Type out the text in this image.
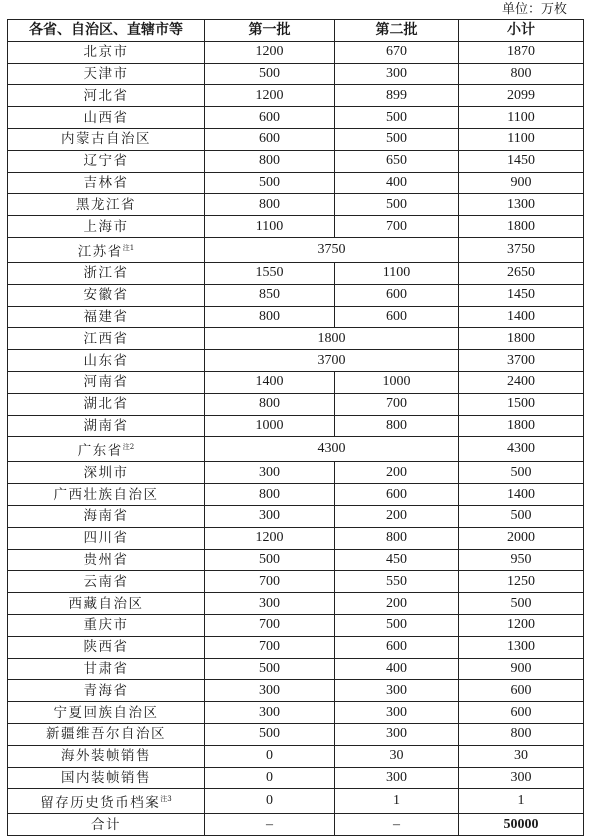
单位：万枚
各省、自治区、直辖市等	第一批	第二批	小计
北京市	1200	670	1870
天津市	500	300	800
河北省	1200	899	2099
山西省	600	500	1100
内蒙古自治区	600	500	1100
辽宁省	800	650	1450
吉林省	500	400	900
黑龙江省	800	500	1300
上海市	1100	700	1800
江苏省$^{注1}$	3750		3750
浙江省	1550	1100	2650
安徽省	850	600	1450
福建省	800	600	1400
江西省	1800		1800
山东省	3700		3700
河南省	1400	1000	2400
湖北省	800	700	1500
湖南省	1000	800	1800
广东省$^{注2}$	4300		4300
深圳市	300	200	500
广西壮族自治区	800	600	1400
海南省	300	200	500
四川省	1200	800	2000
贵州省	500	450	950
云南省	700	550	1250
西藏自治区	300	200	500
重庆市	700	500	1200
陕西省	700	600	1300
甘肃省	500	400	900
青海省	300	300	600
宁夏回族自治区	300	300	600
新疆维吾尔自治区	500	300	800
海外装帧销售	0	30	30
国内装帧销售	0	300	300
留存历史货币档案$^{注3}$	0	1	1
合计	–	–	50000
